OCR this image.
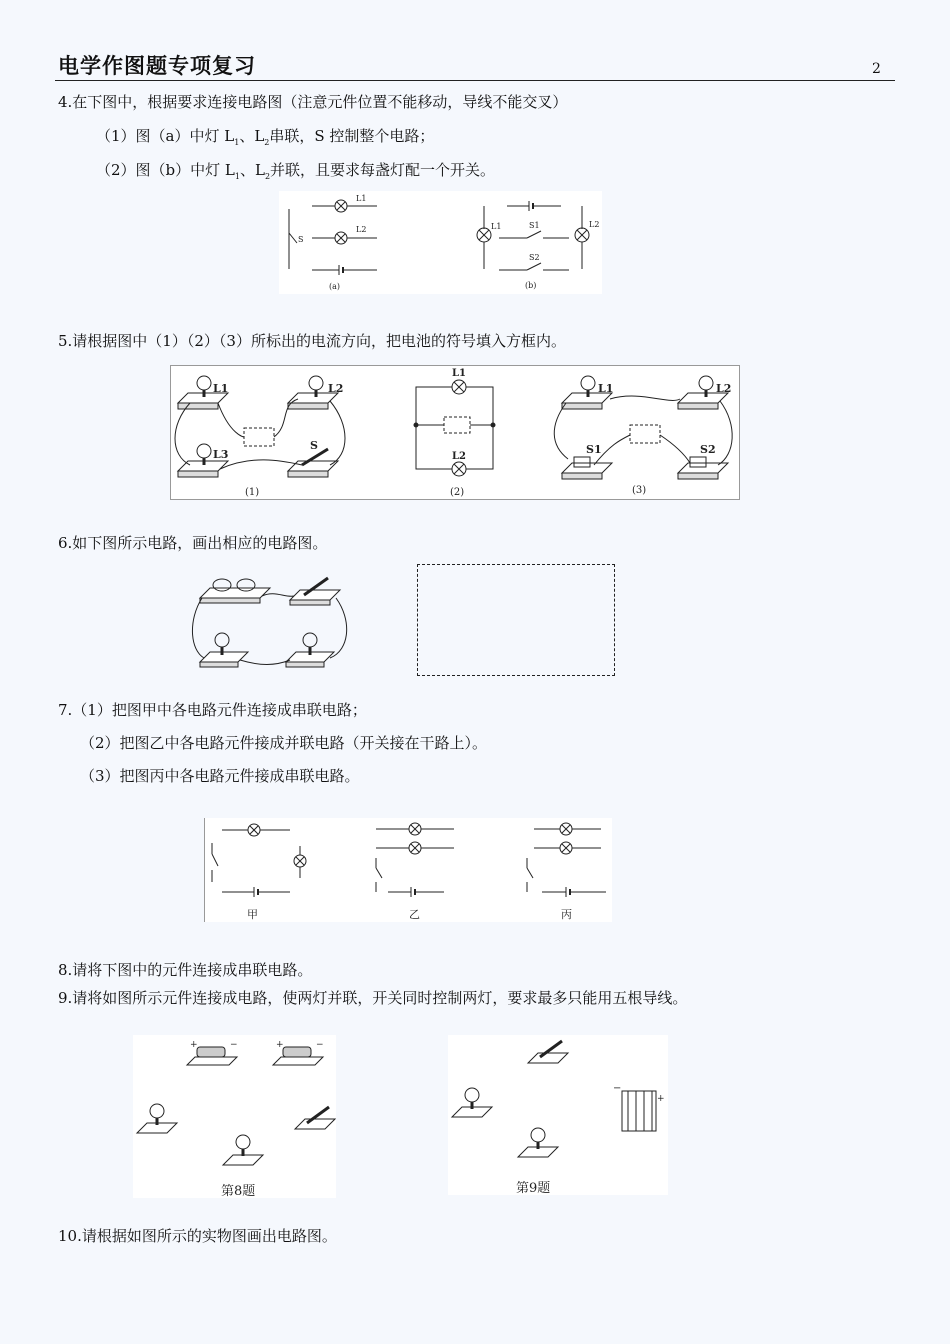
电学作图题专项复习	2
4.在下图中，根据要求连接电路图（注意元件位置不能移动，导线不能交叉）
（1）图（a）中灯 $L_1$、$L_2$串联，S 控制整个电路；
（2）图（b）中灯 $L_1$、$L_2$并联，且要求每盏灯配一个开关。
S
L1
L2
(a)
L1	L2
S1
S2
(b)
5.请根据图中（1）（2）（3）所标出的电流方向，把电池的符号填入方框内。
L1	L2
L3
S
(1)
L1
L2
(2)
L1	L2
S1	S2
(3)
6.如下图所示电路，画出相应的电路图。
7.（1）把图甲中各电路元件连接成串联电路；
（2）把图乙中各电路元件接成并联电路（开关接在干路上）。
（3）把图丙中各电路元件接成串联电路。
甲	乙	丙
8.请将下图中的元件连接成串联电路。
9.请将如图所示元件连接成电路，使两灯并联，开关同时控制两灯，要求最多只能用五根导线。
+	−	+	−
第8题
−
+
第9题
10.请根据如图所示的实物图画出电路图。
